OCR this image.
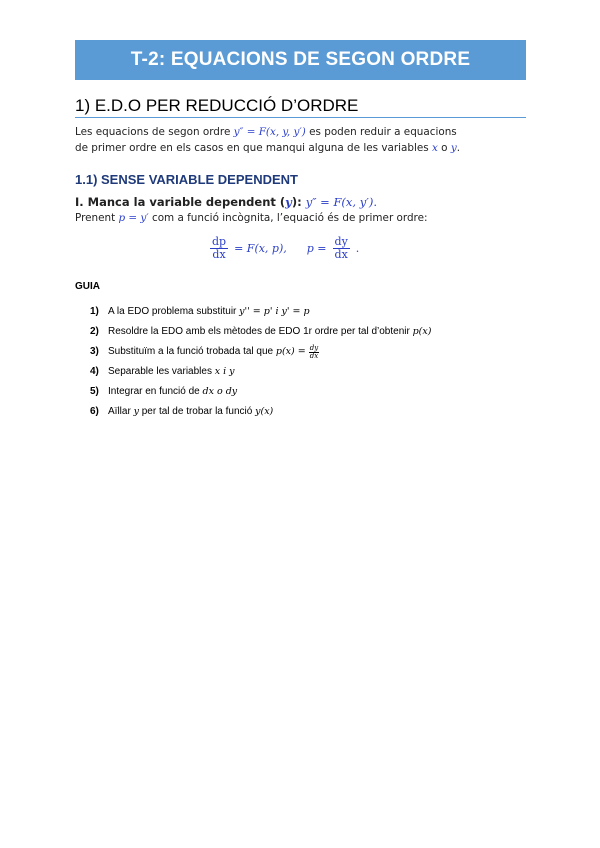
T-2: EQUACIONS DE SEGON ORDRE
1) E.D.O PER REDUCCIÓ D’ORDRE
Les equacions de segon ordre y″ = F(x, y, y′) es poden reduir a equacions
de primer ordre en els casos en que manqui alguna de les variables x o y.
1.1) SENSE VARIABLE DEPENDENT
I. Manca la variable dependent (y): y″ = F(x, y′).
Prenent p = y′ com a funció incògnita, l’equació és de primer ordre:
$\frac{dp}{dx} = F(x$, p), $p = \frac{dy}{dx}$ .
GUIA
1) A la EDO problema substituir y'' = p' i y' = p
2) Resoldre la EDO amb els mètodes de EDO 1r ordre per tal d’obtenir p(x)
3) Substituïm a la funció trobada tal que $p(x) = \frac{dy}{dx}$
4) Separable les variables x i y
5) Integrar en funció de dx o dy
6) Aïllar y per tal de trobar la funció y(x)
